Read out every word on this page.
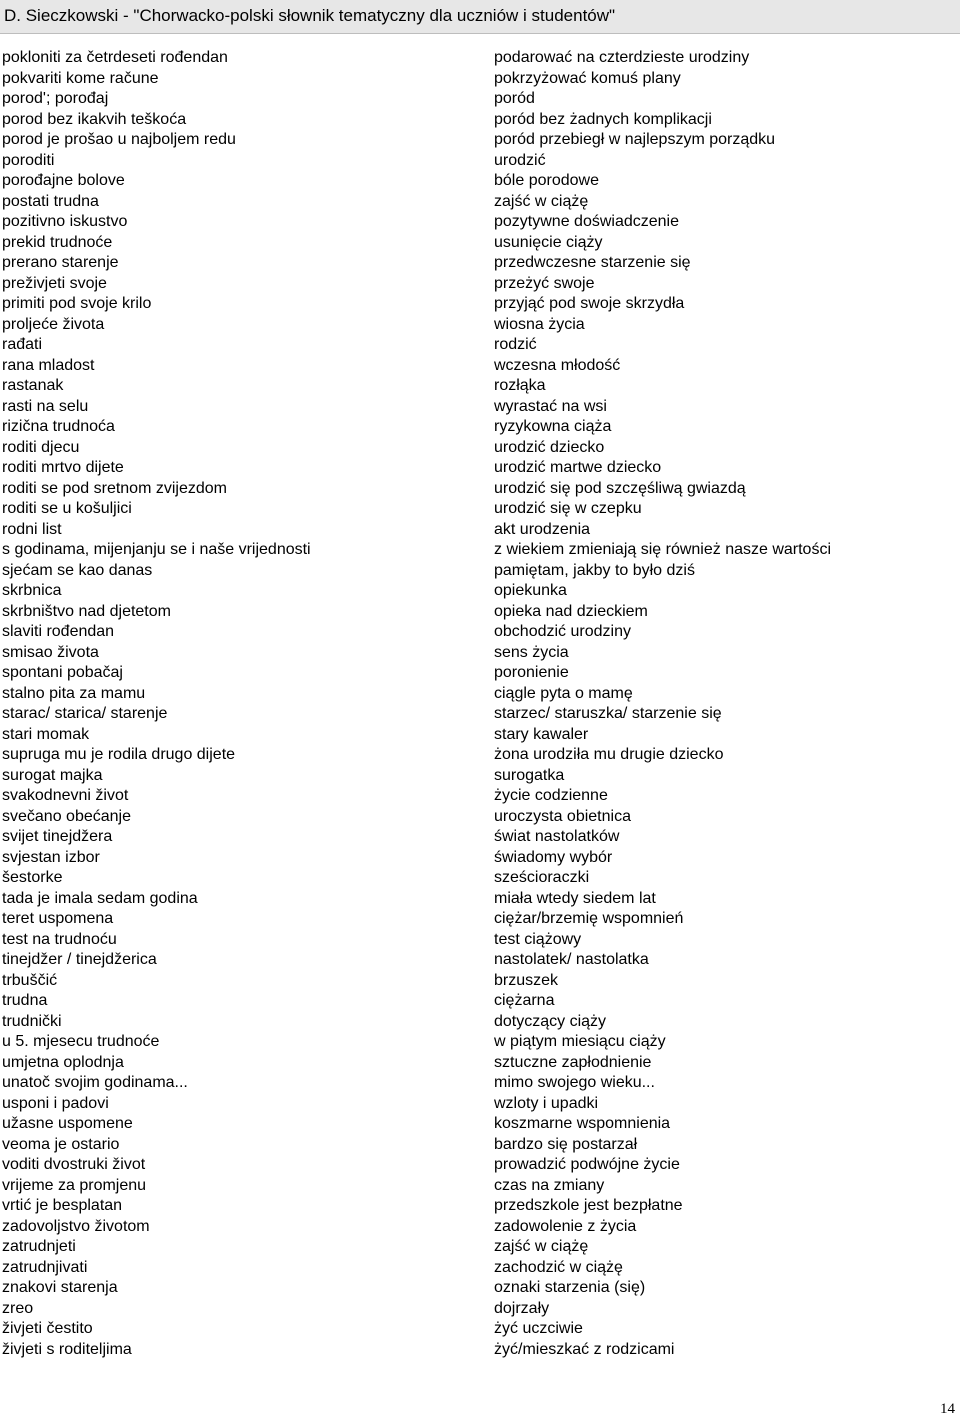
D. Sieczkowski - "Chorwacko-polski słownik tematyczny dla uczniów i studentów"
pokloniti za četrdeseti rođendan
pokvariti kome račune
porod'; porođaj
porod bez ikakvih teškoća
porod je prošao u najboljem redu
poroditi
porođajne bolove
postati trudna
pozitivno iskustvo
prekid trudnoće
prerano starenje
preživjeti svoje
primiti pod svoje krilo
proljeće života
rađati
rana mladost
rastanak
rasti na selu
rizična trudnoća
roditi djecu
roditi mrtvo dijete
roditi se pod sretnom zvijezdom
roditi se u košuljici
rodni list
s godinama, mijenjanju se i naše vrijednosti
sjećam se kao danas
skrbnica
skrbništvo nad djetetom
slaviti rođendan
smisao života
spontani pobačaj
stalno pita za mamu
starac/ starica/ starenje
stari momak
supruga mu je rodila drugo dijete
surogat majka
svakodnevni život
svečano obećanje
svijet tinejdžera
svjestan izbor
šestorke
tada je imala sedam godina
teret uspomena
test na trudnoću
tinejdžer / tinejdžerica
trbuščić
trudna
trudnički
u 5. mjesecu trudnoće
umjetna oplodnja
unatoč svojim godinama...
usponi i padovi
užasne uspomene
veoma je ostario
voditi dvostruki život
vrijeme za promjenu
vrtić je besplatan
zadovoljstvo životom
zatrudnjeti
zatrudnjivati
znakovi starenja
zreo
živjeti čestito
živjeti s roditeljima
podarować na czterdzieste urodziny
pokrzyżować komuś plany
poród
poród bez żadnych komplikacji
poród przebiegł w najlepszym porządku
urodzić
bóle porodowe
zajść w ciążę
pozytywne doświadczenie
usunięcie ciąży
przedwczesne starzenie się
przeżyć swoje
przyjąć pod swoje skrzydła
wiosna życia
rodzić
wczesna młodość
rozłąka
wyrastać na wsi
ryzykowna ciąża
urodzić dziecko
urodzić martwe dziecko
urodzić się pod szczęśliwą gwiazdą
urodzić się w czepku
akt urodzenia
z wiekiem zmieniają się również nasze wartości
pamiętam, jakby to było dziś
opiekunka
opieka nad dzieckiem
obchodzić urodziny
sens życia
poronienie
ciągle pyta o mamę
starzec/ staruszka/ starzenie się
stary kawaler
żona urodziła mu drugie dziecko
surogatka
życie codzienne
uroczysta obietnica
świat nastolatków
świadomy wybór
sześcioraczki
miała wtedy siedem lat
ciężar/brzemię wspomnień
test ciążowy
nastolatek/ nastolatka
brzuszek
ciężarna
dotyczący ciąży
w piątym miesiącu ciąży
sztuczne zapłodnienie
mimo swojego wieku...
wzloty i upadki
koszmarne wspomnienia
bardzo się postarzał
prowadzić podwójne życie
czas na zmiany
przedszkole jest bezpłatne
zadowolenie z życia
zajść w ciążę
zachodzić w ciążę
oznaki starzenia (się)
dojrzały
żyć uczciwie
żyć/mieszkać z rodzicami
14
